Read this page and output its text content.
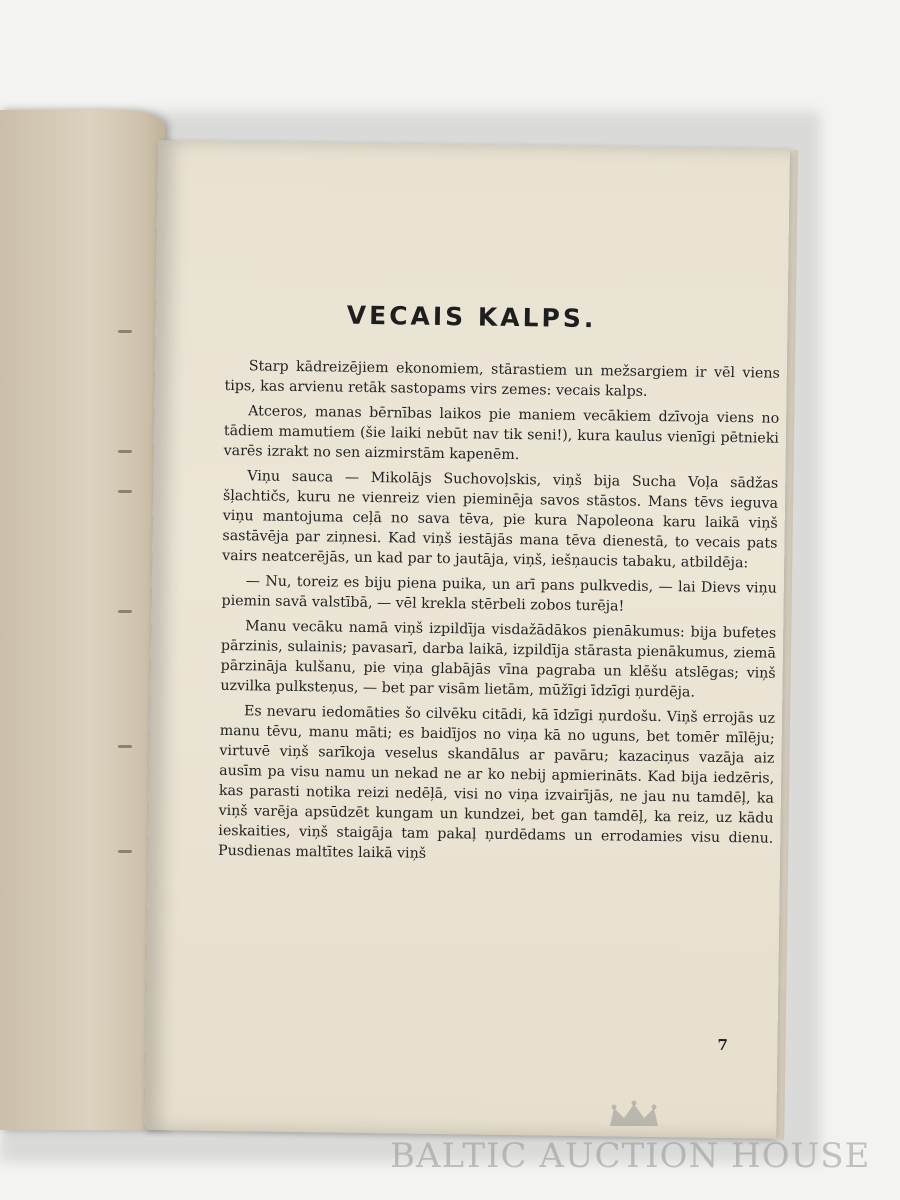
VECAIS KALPS.

Starp kādreizējiem ekonomiem, stārastiem un mežsargiem ir vēl viens tips, kas arvienu retāk sastopams virs zemes: vecais kalps.

Atceros, manas bērnības laikos pie maniem vecākiem dzīvoja viens no tādiem mamutiem (šie laiki nebūt nav tik seni!), kura kaulus vienīgi pētnieki varēs izrakt no sen aizmirstām kapenēm.

Viņu sauca — Mikolājs Suchovoļskis, viņš bija Sucha Voļa sādžas šļachtičs, kuru ne vienreiz vien pieminēja savos stāstos. Mans tēvs ieguva viņu mantojuma ceļā no sava tēva, pie kura Napoleona karu laikā viņš sastāvēja par ziņnesi. Kad viņš iestājās mana tēva dienestā, to vecais pats vairs neatcerējās, un kad par to jautāja, viņš, iešņaucis tabaku, atbildēja:

— Nu, toreiz es biju piena puika, un arī pans pulkvedis, — lai Dievs viņu piemin savā valstībā, — vēl krekla stērbeli zobos turēja!

Manu vecāku namā viņš izpildīja visdažādākos pienākumus: bija bufetes pārzinis, sulainis; pavasarī, darba laikā, izpildīja stārasta pienākumus, ziemā pārzināja kulšanu, pie viņa glabājās vīna pagraba un klēšu atslēgas; viņš uzvilka pulksteņus, — bet par visām lietām, mūžīgi īdzīgi ņurdēja.

Es nevaru iedomāties šo cilvēku citādi, kā īdzīgi ņurdošu. Viņš errojās uz manu tēvu, manu māti; es baidījos no viņa kā no uguns, bet tomēr mīlēju; virtuvē viņš sarīkoja veselus skandālus ar pavāru; kazaciņus vazāja aiz ausīm pa visu namu un nekad ne ar ko nebij apmierināts. Kad bija iedzēris, kas parasti notika reizi nedēļā, visi no viņa izvairījās, ne jau nu tamdēļ, ka viņš varēja apsūdzēt kungam un kundzei, bet gan tamdēļ, ka reiz, uz kādu ieskaities, viņš staigāja tam pakaļ ņurdēdams un errodamies visu dienu. Pusdienas maltītes laikā viņš

7
BALTIC AUCTION HOUSE
